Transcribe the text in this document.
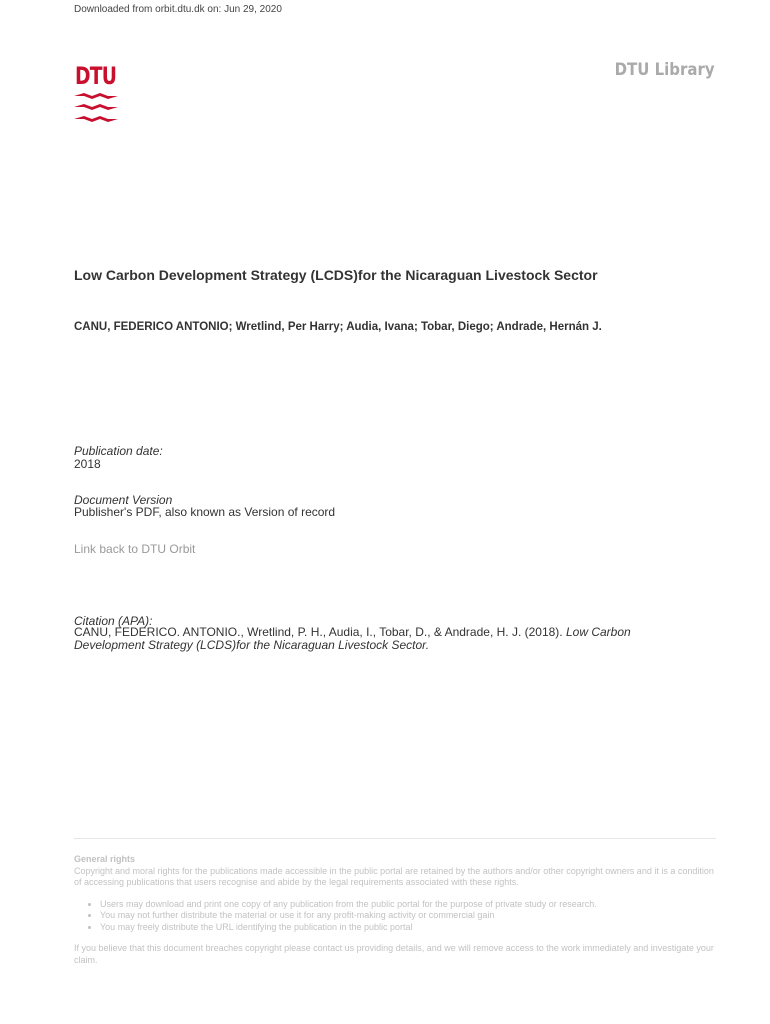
Downloaded from orbit.dtu.dk on: Jun 29, 2020
DTU	DTU Library
Low Carbon Development Strategy (LCDS)for the Nicaraguan Livestock Sector
CANU, FEDERICO ANTONIO; Wretlind, Per Harry; Audia, Ivana; Tobar, Diego; Andrade, Hernán J.
Publication date:
2018
Document Version
Publisher's PDF, also known as Version of record
Link back to DTU Orbit
Citation (APA):
CANU, FEDERICO. ANTONIO., Wretlind, P. H., Audia, I., Tobar, D., & Andrade, H. J. (2018). Low Carbon Development Strategy (LCDS)for the Nicaraguan Livestock Sector.
General rights
Copyright and moral rights for the publications made accessible in the public portal are retained by the authors and/or other copyright owners and it is a condition of accessing publications that users recognise and abide by the legal requirements associated with these rights.
• Users may download and print one copy of any publication from the public portal for the purpose of private study or research.
• You may not further distribute the material or use it for any profit-making activity or commercial gain
• You may freely distribute the URL identifying the publication in the public portal
If you believe that this document breaches copyright please contact us providing details, and we will remove access to the work immediately and investigate your claim.
